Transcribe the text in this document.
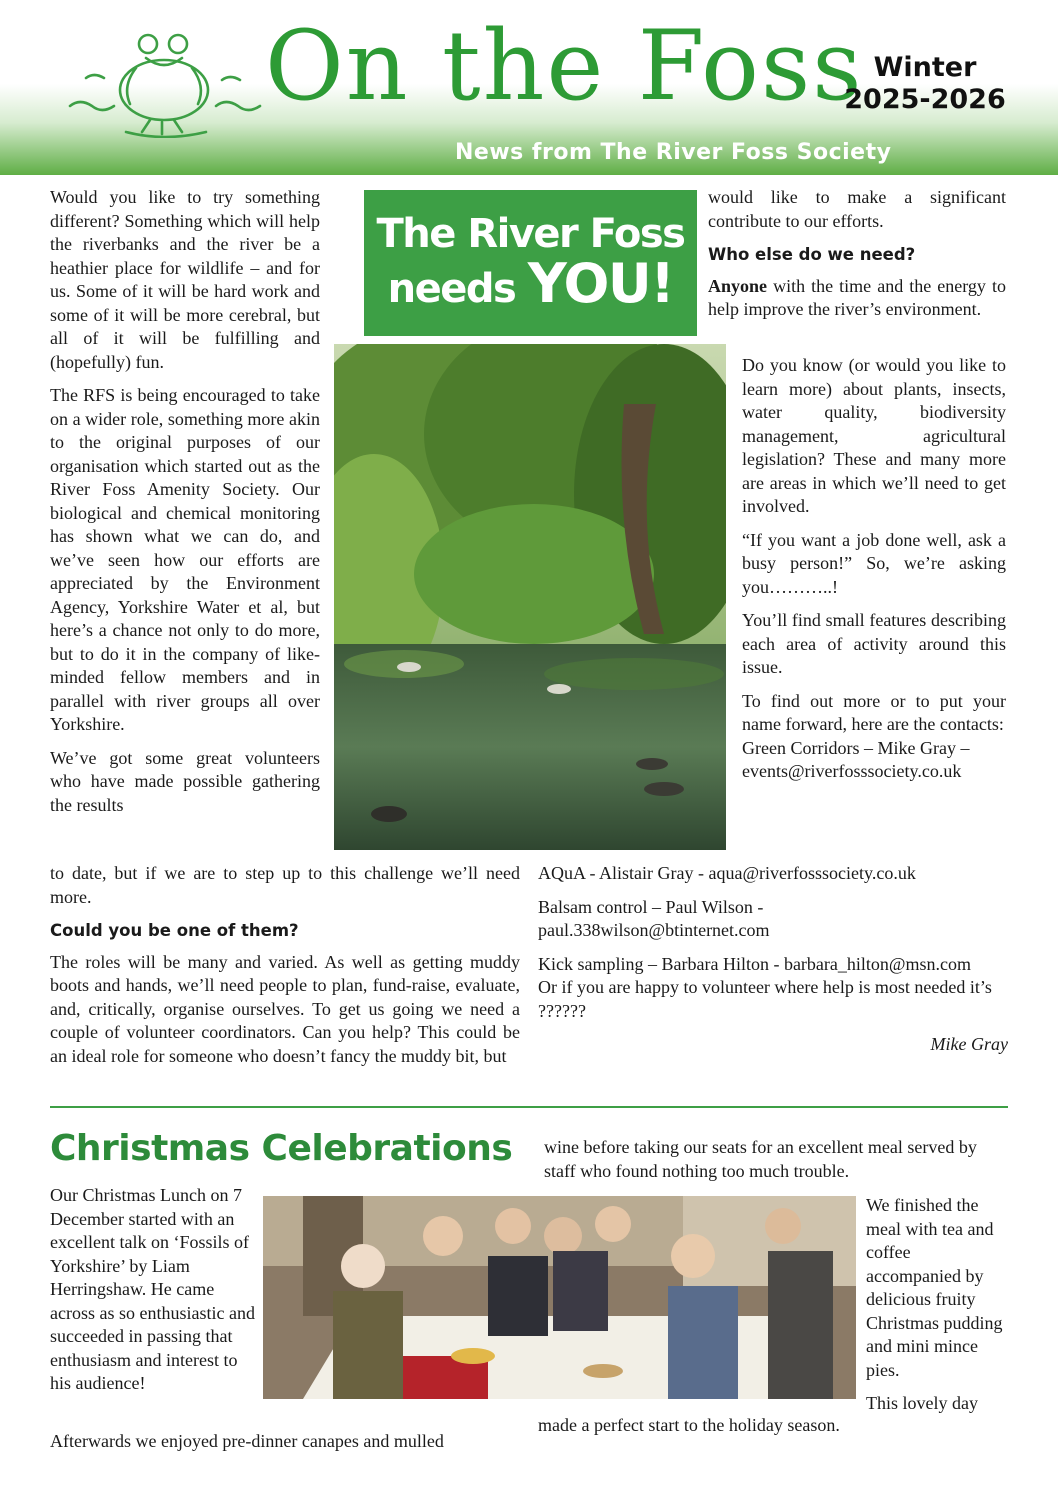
On the Foss Winter
2025-2026
News from The River Foss Society

Would you like to try something different? Something which will help the riverbanks and the river be a heathier place for wildlife – and for us. Some of it will be hard work and some of it will be more cerebral, but all of it will be fulfilling and (hopefully) fun.

The RFS is being encouraged to take on a wider role, something more akin to the original purposes of our organisation which started out as the River Foss Amenity Society. Our biological and chemical monitoring has shown what we can do, and we’ve seen how our efforts are appreciated by the Environment Agency, Yorkshire Water et al, but here’s a chance not only to do more, but to do it in the company of like-minded fellow members and in parallel with river groups all over Yorkshire.

We’ve got some great volunteers who have made possible gathering the results

The River Foss
needs YOU!

would like to make a significant contribute to our efforts.

Who else do we need?

Anyone with the time and the energy to help improve the river’s environment.

Do you know (or would you like to learn more) about plants, insects, water quality, biodiversity management, agricultural legislation? These and many more are areas in which we’ll need to get involved.

“If you want a job done well, ask a busy person!” So, we’re asking you………..!

You’ll find small features describing each area of activity around this issue.

To find out more or to put your name forward, here are the contacts:

Green Corridors – Mike Gray – events@riverfosssociety.co.uk

to date, but if we are to step up to this challenge we’ll need more.

Could you be one of them?

The roles will be many and varied. As well as getting muddy boots and hands, we’ll need people to plan, fund-raise, evaluate, and, critically, organise ourselves. To get us going we need a couple of volunteer coordinators. Can you help? This could be an ideal role for someone who doesn’t fancy the muddy bit, but

AQuA - Alistair Gray - aqua@riverfosssociety.co.uk

Balsam control – Paul Wilson - paul.338wilson@btinternet.com

Kick sampling – Barbara Hilton - barbara_hilton@msn.com

Or if you are happy to volunteer where help is most needed it’s ??????

Mike Gray

Christmas Celebrations wine before taking our seats for an excellent meal served by staff who found nothing too much trouble.
Our Christmas Lunch on 7 December started with an excellent talk on ‘Fossils of Yorkshire’ by Liam Herringshaw. He came across as so enthusiastic and succeeded in passing that enthusiasm and interest to his audience!
We finished the meal with tea and coffee accompanied by delicious fruity Christmas pudding and mini mince pies.
This lovely day
Afterwards we enjoyed pre-dinner canapes and mulled
made a perfect start to the holiday season.
